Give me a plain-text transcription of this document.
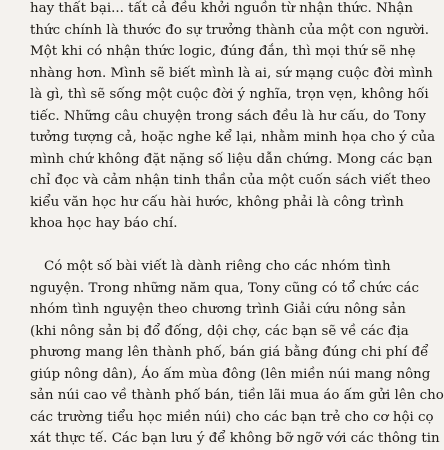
hay thất bại... tất cả đều khởi nguồn từ nhận thức. Nhận
thức chính là thước đo sự trưởng thành của một con người.
Một khi có nhận thức logic, đúng đắn, thì mọi thứ sẽ nhẹ
nhàng hơn. Mình sẽ biết mình là ai, sứ mạng cuộc đời mình
là gì, thì sẽ sống một cuộc đời ý nghĩa, trọn vẹn, không hối
tiếc. Những câu chuyện trong sách đều là hư cấu, do Tony
tưởng tượng cả, hoặc nghe kể lại, nhằm minh họa cho ý của
mình chứ không đặt nặng số liệu dẫn chứng. Mong các bạn
chỉ đọc và cảm nhận tinh thần của một cuốn sách viết theo
kiểu văn học hư cấu hài hước, không phải là công trình
khoa học hay báo chí.

Có một số bài viết là dành riêng cho các nhóm tình
nguyện. Trong những năm qua, Tony cũng có tổ chức các
nhóm tình nguyện theo chương trình Giải cứu nông sản
(khi nông sản bị đổ đống, dội chợ, các bạn sẽ về các địa
phương mang lên thành phố, bán giá bằng đúng chi phí để
giúp nông dân), Áo ấm mùa đông (lên miền núi mang nông
sản núi cao về thành phố bán, tiền lãi mua áo ấm gửi lên cho
các trường tiểu học miền núi) cho các bạn trẻ cho cơ hội cọ
xát thực tế. Các bạn lưu ý để không bỡ ngỡ với các thông tin
